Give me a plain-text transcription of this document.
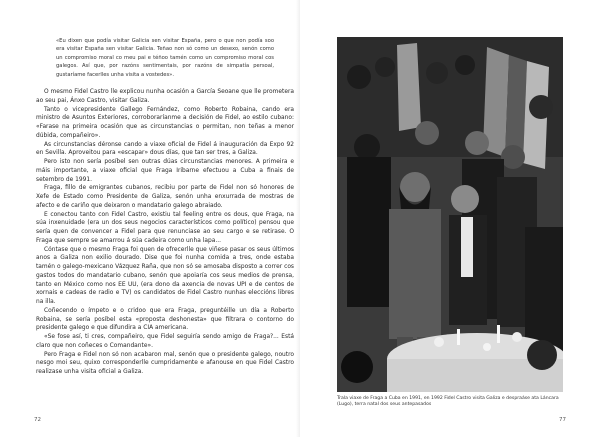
«Eu dixen que podía visitar Galicia sen visitar España, pero o que non podía soo era visitar España sen visitar Galicia. Teñao non só como un desexo, senón como un compromiso moral co meu pai e téñoo tamén como un compromiso moral cos galegos. Así que, por razóns sentimentais, por razóns de simpatía persoal, gustaríame facerlles unha visita a vostedes».

O mesmo Fidel Castro lle explicou nunha ocasión a García Seoane que lle prometera ao seu pai, Ánxo Castro, visitar Galiza.

Tanto o vicepresidente Gallego Fernández, como Roberto Robaina, cando era ministro de Asuntos Exteriores, corroboraríanme a decisión de Fidel, ao estilo cubano: «Farase na primeira ocasión que as circunstancias o permitan, non teñas a menor dúbida, compañeiro».

As circunstancias déronse cando a viaxe oficial de Fidel á inauguración da Expo 92 en Sevilla. Aproveitou para «escapar» dous días, que tan ser tres, a Galiza.

Pero isto non sería posíbel sen outras dúas circunstancias menores. A primeira e máis importante, a viaxe oficial que Fraga Iribarne efectuou a Cuba a finais de setembro de 1991.

Fraga, fillo de emigrantes cubanos, recibiu por parte de Fidel non só honores de Xefe de Estado como Presidente de Galiza, senón unha enxurrada de mostras de afecto e de cariño que deixaron o mandatario galego abraiado.

E conectou tanto con Fidel Castro, existiu tal feeling entre os dous, que Fraga, na súa inxenuidade (era un dos seus negocios característicos como político) pensou que sería quen de convencer a Fidel para que renunciase ao seu cargo e se retirase. O Fraga que sempre se amarrou á súa cadeira como unha lapa...

Cóntase que o mesmo Fraga foi quen de ofrecerlle que viñese pasar os seus últimos anos a Galiza non exilio dourado. Dise que foi nunha comida a tres, onde estaba tamén o galego-mexicano Vázquez Raña, que non só se amosaba disposto a correr cos gastos todos do mandatario cubano, senón que apoiaría cos seus medios de prensa, tanto en México como nos EE UU, (era dono da axencia de novas UPI e de centos de xornais e cadeas de radio e TV) os candidatos de Fidel Castro nunhas eleccións libres na illa.

Coñecendo o ímpeto e o cridoo que era Fraga, preguntéille un día a Roberto Robaina, se sería posíbel esta «proposta deshonesta» que filtrara o contorno do presidente galego e que difundira a CIA americana.

«Se fose así, ti cres, compañeiro, que Fidel seguiría sendo amigo de Fraga?... Está claro que non coñeces o Comandante».

Pero Fraga e Fidel non só non acabaron mal, senón que o presidente galego, noutro nesgo moi seu, quixo corresponderlle cumpridamente e afanouse en que Fidel Castro realizase unha visita oficial a Galiza.

72
Trala viaxe de Fraga a Cuba en 1991, en 1992 Fidel Castro visita Galiza e despraáse ata Láncara (Lugo), terra natal dos seus antepasados
77
